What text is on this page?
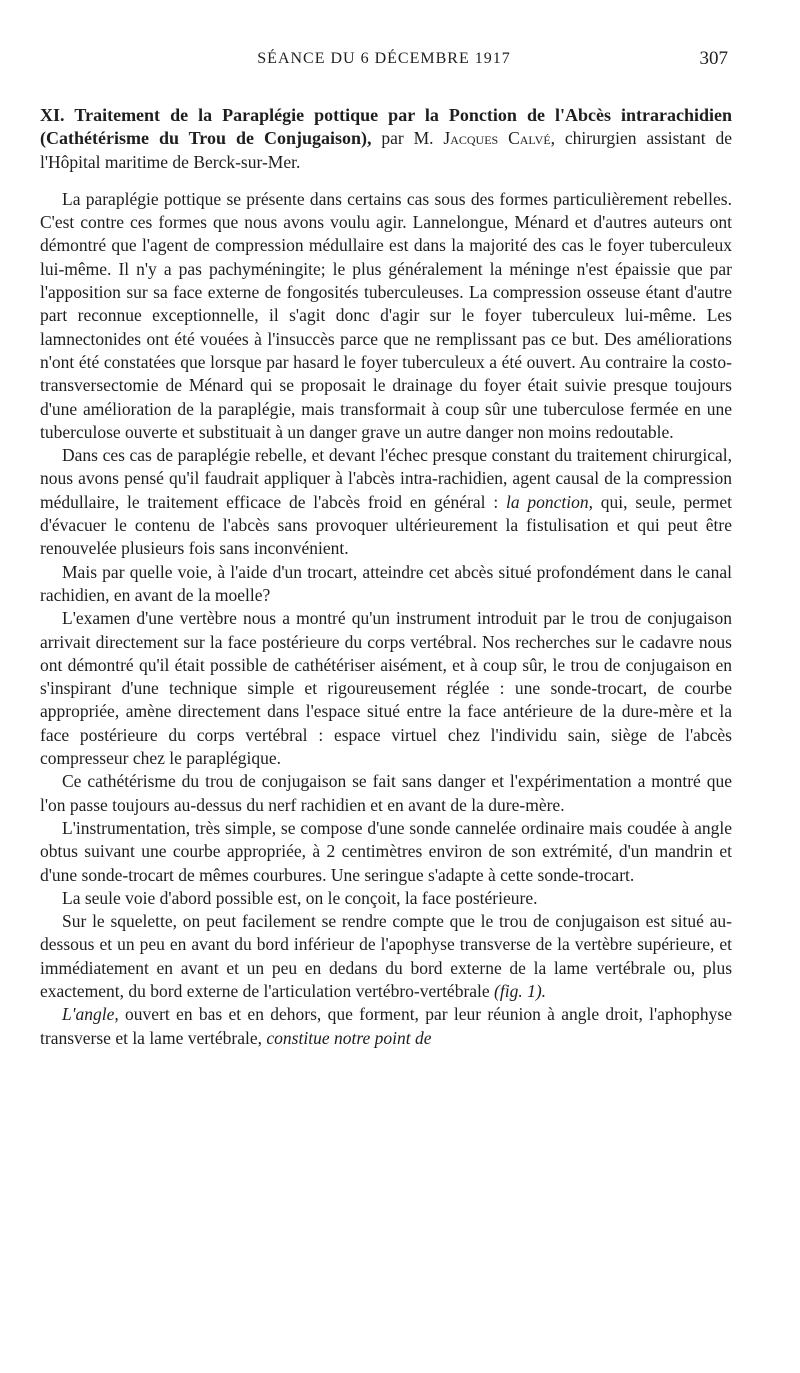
SÉANCE DU 6 DÉCEMBRE 1917	307
XI. Traitement de la Paraplégie pottique par la Ponction de l'Abcès intrarachidien (Cathétérisme du Trou de Conjugaison), par M. Jacques Calvé, chirurgien assistant de l'Hôpital maritime de Berck-sur-Mer.

La paraplégie pottique se présente dans certains cas sous des formes particulièrement rebelles. C'est contre ces formes que nous avons voulu agir. Lannelongue, Ménard et d'autres auteurs ont démontré que l'agent de compression médullaire est dans la majorité des cas le foyer tuberculeux lui-même. Il n'y a pas pachyméningite; le plus généralement la méninge n'est épaissie que par l'apposition sur sa face externe de fongosités tuberculeuses. La compression osseuse étant d'autre part reconnue exceptionnelle, il s'agit donc d'agir sur le foyer tuberculeux lui-même. Les lamnectonides ont été vouées à l'insuccès parce que ne remplissant pas ce but. Des améliorations n'ont été constatées que lorsque par hasard le foyer tuberculeux a été ouvert. Au contraire la costo-transversectomie de Ménard qui se proposait le drainage du foyer était suivie presque toujours d'une amélioration de la paraplégie, mais transformait à coup sûr une tuberculose fermée en une tuberculose ouverte et substituait à un danger grave un autre danger non moins redoutable.

Dans ces cas de paraplégie rebelle, et devant l'échec presque constant du traitement chirurgical, nous avons pensé qu'il faudrait appliquer à l'abcès intra-rachidien, agent causal de la compression médullaire, le traitement efficace de l'abcès froid en général : la ponction, qui, seule, permet d'évacuer le contenu de l'abcès sans provoquer ultérieurement la fistulisation et qui peut être renouvelée plusieurs fois sans inconvénient.

Mais par quelle voie, à l'aide d'un trocart, atteindre cet abcès situé profondément dans le canal rachidien, en avant de la moelle?

L'examen d'une vertèbre nous a montré qu'un instrument introduit par le trou de conjugaison arrivait directement sur la face postérieure du corps vertébral. Nos recherches sur le cadavre nous ont démontré qu'il était possible de cathétériser aisément, et à coup sûr, le trou de conjugaison en s'inspirant d'une technique simple et rigoureusement réglée : une sonde-trocart, de courbe appropriée, amène directement dans l'espace situé entre la face antérieure de la dure-mère et la face postérieure du corps vertébral : espace virtuel chez l'individu sain, siège de l'abcès compresseur chez le paraplégique.

Ce cathétérisme du trou de conjugaison se fait sans danger et l'expérimentation a montré que l'on passe toujours au-dessus du nerf rachidien et en avant de la dure-mère.

L'instrumentation, très simple, se compose d'une sonde cannelée ordinaire mais coudée à angle obtus suivant une courbe appropriée, à 2 centimètres environ de son extrémité, d'un mandrin et d'une sonde-trocart de mêmes courbures. Une seringue s'adapte à cette sonde-trocart.

La seule voie d'abord possible est, on le conçoit, la face postérieure.

Sur le squelette, on peut facilement se rendre compte que le trou de conjugaison est situé au-dessous et un peu en avant du bord inférieur de l'apophyse transverse de la vertèbre supérieure, et immédiatement en avant et un peu en dedans du bord externe de la lame vertébrale ou, plus exactement, du bord externe de l'articulation vertébro-vertébrale (fig. 1).

L'angle, ouvert en bas et en dehors, que forment, par leur réunion à angle droit, l'aphophyse transverse et la lame vertébrale, constitue notre point de
